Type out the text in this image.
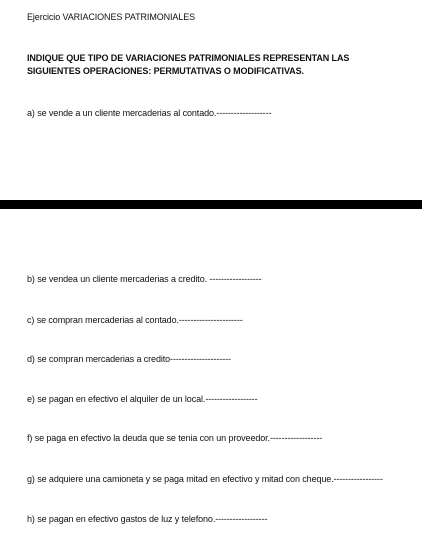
Ejercicio VARIACIONES PATRIMONIALES
INDIQUE QUE TIPO DE VARIACIONES PATRIMONIALES REPRESENTAN LAS SIGUIENTES OPERACIONES: PERMUTATIVAS O MODIFICATIVAS.
a) se vende a un cliente mercaderias al contado.-------------------
b) se vendea un cliente mercaderias a credito. ------------------
c) se compran mercaderias al contado.----------------------
d) se compran mercaderias a credito---------------------
e) se pagan en efectivo el alquiler de un local.------------------
f) se paga en efectivo la deuda que se tenia con un proveedor.------------------
g) se adquiere una camioneta y se paga mitad en efectivo y mitad con cheque.-----------------
h) se pagan en efectivo gastos de luz y telefono.------------------
